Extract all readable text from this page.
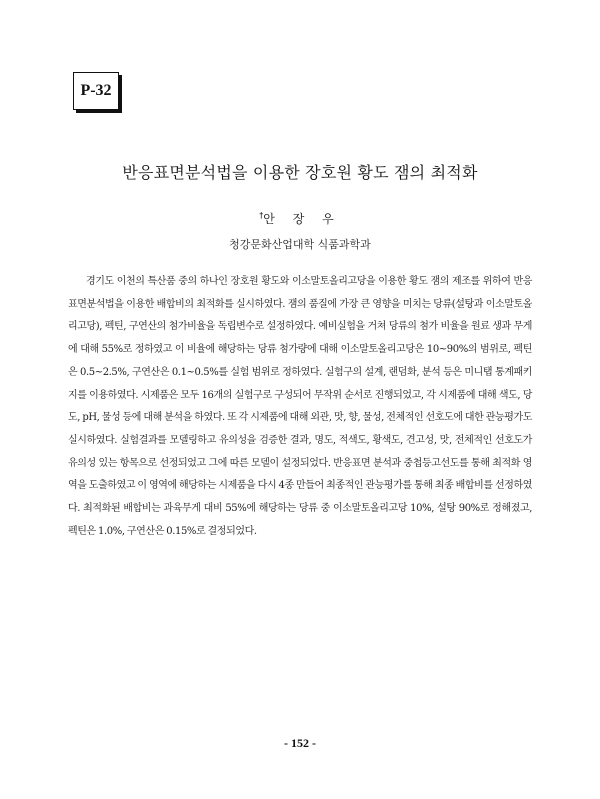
P-32
반응표면분석법을 이용한 장호원 황도 잼의 최적화
†안 장 우
청강문화산업대학 식품과학과

경기도 이천의 특산품 중의 하나인 장호원 황도와 이소말토올리고당을 이용한 황도 잼의 제조를 위하여 반응표면분석법을 이용한 배합비의 최적화를 실시하였다. 잼의 품질에 가장 큰 영향을 미치는 당류(설탕과 이소말토올리고당), 펙틴, 구연산의 첨가비율을 독립변수로 설정하였다. 예비실험을 거쳐 당류의 첨가 비율을 원료 생과 무게에 대해 55%로 정하였고 이 비율에 해당하는 당류 첨가량에 대해 이소말토올리고당은 10~90%의 범위로, 펙틴은 0.5~2.5%, 구연산은 0.1~0.5%를 실험 범위로 정하였다. 실험구의 설계, 랜덤화, 분석 등은 미니탭 통계패키지를 이용하였다. 시제품은 모두 16개의 실험구로 구성되어 무작위 순서로 진행되었고, 각 시제품에 대해 색도, 당도, pH, 물성 등에 대해 분석을 하였다. 또 각 시제품에 대해 외관, 맛, 향, 물성, 전체적인 선호도에 대한 관능평가도 실시하였다. 실험결과를 모델링하고 유의성을 검증한 결과, 명도, 적색도, 황색도, 견고성, 맛, 전체적인 선호도가 유의성 있는 항목으로 선정되었고 그에 따른 모델이 설정되었다. 반응표면 분석과 중첩등고선도를 통해 최적화 영역을 도출하였고 이 영역에 해당하는 시제품을 다시 4종 만들어 최종적인 관능평가를 통해 최종 배합비를 선정하였다. 최적화된 배합비는 과육무게 대비 55%에 해당하는 당류 중 이소말토올리고당 10%, 설탕 90%로 정해졌고, 펙틴은 1.0%, 구연산은 0.15%로 결정되었다.

- 152 -
